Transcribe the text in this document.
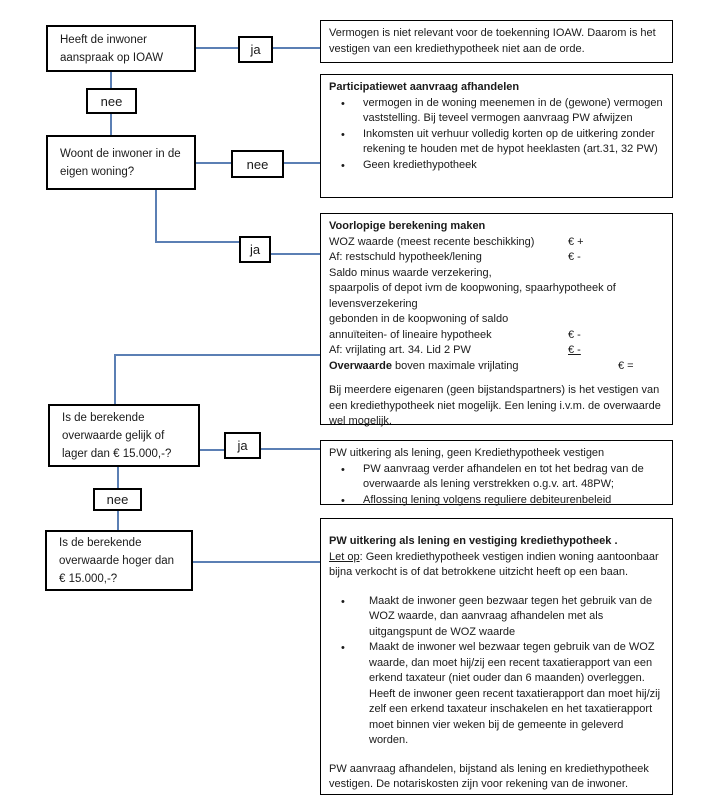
Heeft de inwoner aanspraak op IOAW
Woont de inwoner in de eigen woning?
Is de berekende overwaarde gelijk of lager dan € 15.000,-?
Is de berekende overwaarde hoger dan € 15.000,-?
ja
nee
nee
ja
ja
nee
Vermogen is niet relevant voor de toekenning IOAW. Daarom is het vestigen van een krediethypotheek niet aan de orde.
Participatiewet aanvraag afhandelen
• vermogen in de woning meenemen in de (gewone) vermogen vaststelling. Bij teveel vermogen aanvraag PW afwijzen
• Inkomsten uit verhuur volledig korten op de uitkering zonder rekening te houden met de hypot heeklasten (art.31, 32 PW)
• Geen krediethypotheek
Voorlopige berekening maken
WOZ waarde (meest recente beschikking)	€ +
Af: restschuld hypotheek/lening	€ -
Saldo minus waarde verzekering,
spaarpolis of depot ivm de koopwoning, spaarhypotheek of
levensverzekering
gebonden in de koopwoning of saldo
annuïteiten- of lineaire hypotheek	€ -
Af: vrijlating art. 34. Lid 2 PW	€ -
Overwaarde boven maximale vrijlating	€ =
Bij meerdere eigenaren (geen bijstandspartners) is het vestigen van een krediethypotheek niet mogelijk. Een lening i.v.m. de overwaarde wel mogelijk.
PW uitkering als lening, geen Krediethypotheek vestigen
• PW aanvraag verder afhandelen en tot het bedrag van de overwaarde als lening verstrekken o.g.v. art. 48PW;
• Aflossing lening volgens reguliere debiteurenbeleid
PW uitkering als lening en vestiging krediethypotheek .
Let op: Geen krediethypotheek vestigen indien woning aantoonbaar bijna verkocht is of dat betrokkene uitzicht heeft op een baan.
• Maakt de inwoner geen bezwaar tegen het gebruik van de WOZ waarde, dan aanvraag afhandelen met als uitgangspunt de WOZ waarde
• Maakt de inwoner wel bezwaar tegen gebruik van de WOZ waarde, dan moet hij/zij een recent taxatierapport van een erkend taxateur (niet ouder dan 6 maanden) overleggen. Heeft de inwoner geen recent taxatierapport dan moet hij/zij zelf een erkend taxateur inschakelen en het taxatierapport moet binnen vier weken bij de gemeente in geleverd worden.
PW aanvraag afhandelen, bijstand als lening en krediethypotheek vestigen. De notariskosten zijn voor rekening van de inwoner.
